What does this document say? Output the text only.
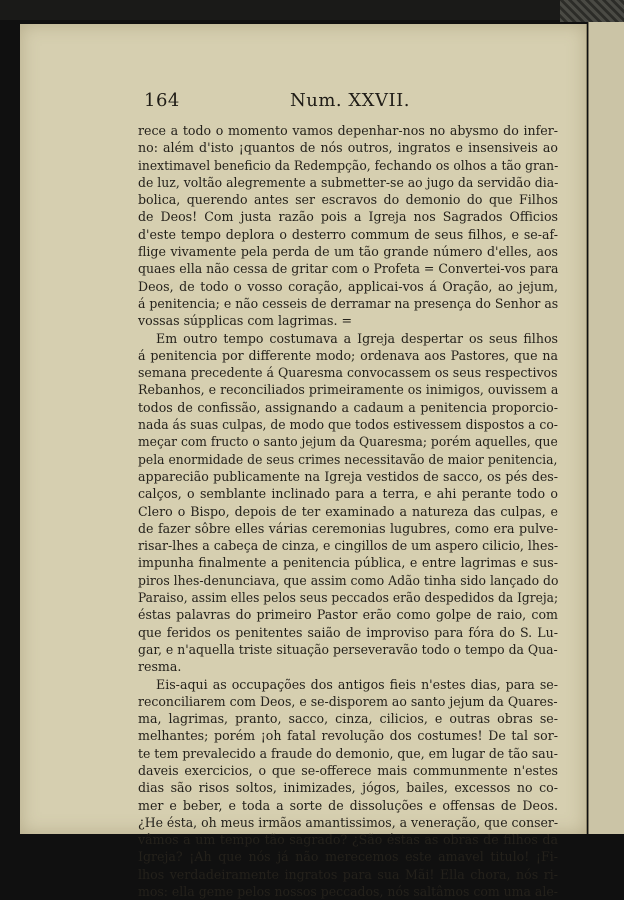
164	Num. XXVII.
rece a todo o momento vamos depenhar-nos no abysmo do infer-
no: além d'isto ¡quantos de nós outros, ingratos e insensiveis ao
inextimavel beneficio da Redempção, fechando os olhos a tão gran-
de luz, voltão alegremente a submetter-se ao jugo da servidão dia-
bolica, querendo antes ser escravos do demonio do que Filhos
de Deos! Com justa razão pois a Igreja nos Sagrados Officios
d'este tempo deplora o desterro commum de seus filhos, e se-af-
flige vivamente pela perda de um tão grande número d'elles, aos
quaes ella não cessa de gritar com o Profeta = Convertei-vos para
Deos, de todo o vosso coração, applicai-vos á Oração, ao jejum,
á penitencia; e não cesseis de derramar na presença do Senhor as
vossas súpplicas com lagrimas. =
Em outro tempo costumava a Igreja despertar os seus filhos
á penitencia por differente modo; ordenava aos Pastores, que na
semana precedente á Quaresma convocassem os seus respectivos
Rebanhos, e reconciliados primeiramente os inimigos, ouvissem a
todos de confissão, assignando a cadaum a penitencia proporcio-
nada ás suas culpas, de modo que todos estivessem dispostos a co-
meçar com fructo o santo jejum da Quaresma; porém aquelles, que
pela enormidade de seus crimes necessitavão de maior penitencia,
apparecião publicamente na Igreja vestidos de sacco, os pés des-
calços, o semblante inclinado para a terra, e ahi perante todo o
Clero o Bispo, depois de ter examinado a natureza das culpas, e
de fazer sôbre elles várias ceremonias lugubres, como era pulve-
risar-lhes a cabeça de cinza, e cingillos de um aspero cilicio, lhes-
impunha finalmente a penitencia pública, e entre lagrimas e sus-
piros lhes-denunciava, que assim como Adão tinha sido lançado do
Paraiso, assim elles pelos seus peccados erão despedidos da Igreja;
éstas palavras do primeiro Pastor erão como golpe de raio, com
que feridos os penitentes saião de improviso para fóra do S. Lu-
gar, e n'aquella triste situação perseveravão todo o tempo da Qua-
resma.
Eis-aqui as occupações dos antigos fieis n'estes dias, para se-
reconciliarem com Deos, e se-disporem ao santo jejum da Quares-
ma, lagrimas, pranto, sacco, cinza, cilicios, e outras obras se-
melhantes; porém ¡oh fatal revolução dos costumes! De tal sor-
te tem prevalecido a fraude do demonio, que, em lugar de tão sau-
daveis exercicios, o que se-offerece mais communmente n'estes
dias são risos soltos, inimizades, jógos, bailes, excessos no co-
mer e beber, e toda a sorte de dissoluções e offensas de Deos.
¿He ésta, oh meus irmãos amantissimos, a veneração, que conser-
vâmos a um tempo tão sagrado? ¿São éstas as obras de filhos da
Igreja? ¡Ah que nós já não merecemos este amavel titulo! ¡Fi-
lhos verdadeiramente ingratos para sua Mãi! Ella chora, nós ri-
mos: ella geme pelos nossos peccados, nós saltâmos com uma ale-
